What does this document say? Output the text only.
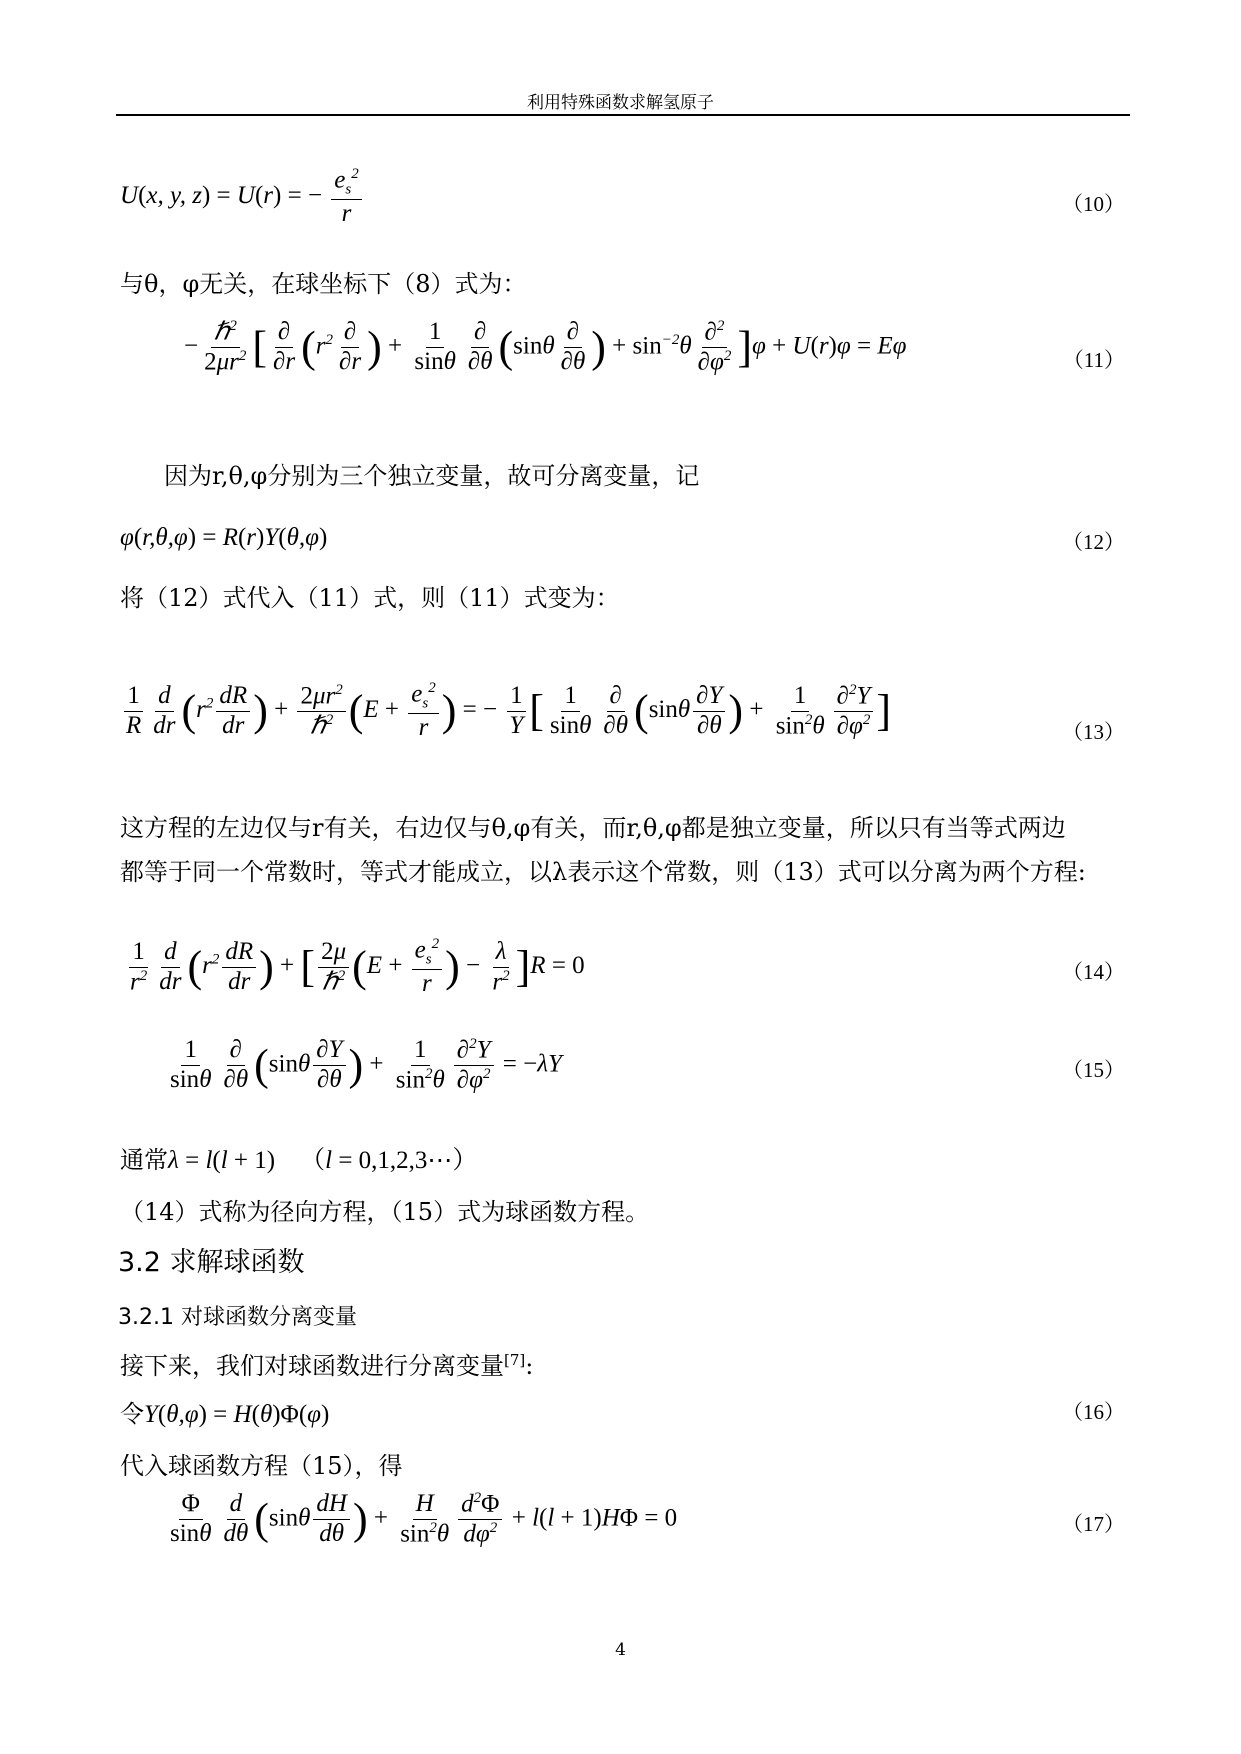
利用特殊函数求解氢原子
U(x, y, z) = U(r) = − $\frac{e_s^2}{r}$	（10）
与θ，φ无关，在球坐标下（8）式为：
− $\frac{\hbar^2}{2\mu r^2}$ [ $\frac{\partial}{\partial r} (r^2 \frac{\partial}{\partial r}$ ) + $\frac{1}{\sin\theta} \frac{\partial}{\partial\theta} (\sin\theta \frac{\partial}{\partial\theta}$ ) + $\sin^{-2}\theta \frac{\partial^2}{\partial\varphi^2} ]\varphi + U(r)\varphi = E\varphi$
（11）
因为r,θ,φ分别为三个独立变量，故可分离变量，记
φ(r,θ,φ) = R(r)Y(θ,φ)	（12）
将（12）式代入（11）式，则（11）式变为：
$\frac{1}{R} \frac{d}{dr} (r^2 \frac{dR}{dr}$ ) + $\frac{2\mu r^2}{\hbar^2} (E + \frac{e_s^2}{r}$ ) = − $\frac{1}{Y}$ [ $\frac{1}{\sin\theta} \frac{\partial}{\partial\theta} (\sin\theta \frac{\partial Y}{\partial\theta}$ ) + $\frac{1}{\sin^2\theta} \frac{\partial^2Y}{\partial\varphi^2}$ ]	（13）
这方程的左边仅与r有关，右边仅与θ,φ有关，而r,θ,φ都是独立变量，所以只有当等式两边
都等于同一个常数时，等式才能成立，以λ表示这个常数，则（13）式可以分离为两个方程:
$\frac{1}{r^2} \frac{d}{dr} (r^2 \frac{dR}{dr}$ ) + [ $\frac{2\mu}{\hbar^2} (E + \frac{e_s^2}{r}$ ) − $\frac{\lambda}{r^2} ]R = 0$	（14）
$\frac{1}{\sin\theta} \frac{\partial}{\partial\theta} (\sin\theta \frac{\partial Y}{\partial\theta}$ ) + $\frac{1}{\sin^2\theta} \frac{\partial^2Y}{\partial\varphi^2} = -\lambda Y$	（15）
通常λ = l(l + 1) （l = 0,1,2,3⋯）
（14）式称为径向方程，（15）式为球函数方程。
3.2 求解球函数
3.2.1 对球函数分离变量
接下来，我们对球函数进行分离变量[7]:
令Y(θ,φ) = H(θ)Φ(φ)	（16）
代入球函数方程（15），得
$\frac{\Phi}{\sin\theta} \frac{d}{d\theta} (\sin\theta \frac{dH}{d\theta}$ ) + $\frac{H}{\sin^2\theta} \frac{d^2\Phi}{d\varphi^2} + l(l + 1)H\Phi = 0$	（17）
4
